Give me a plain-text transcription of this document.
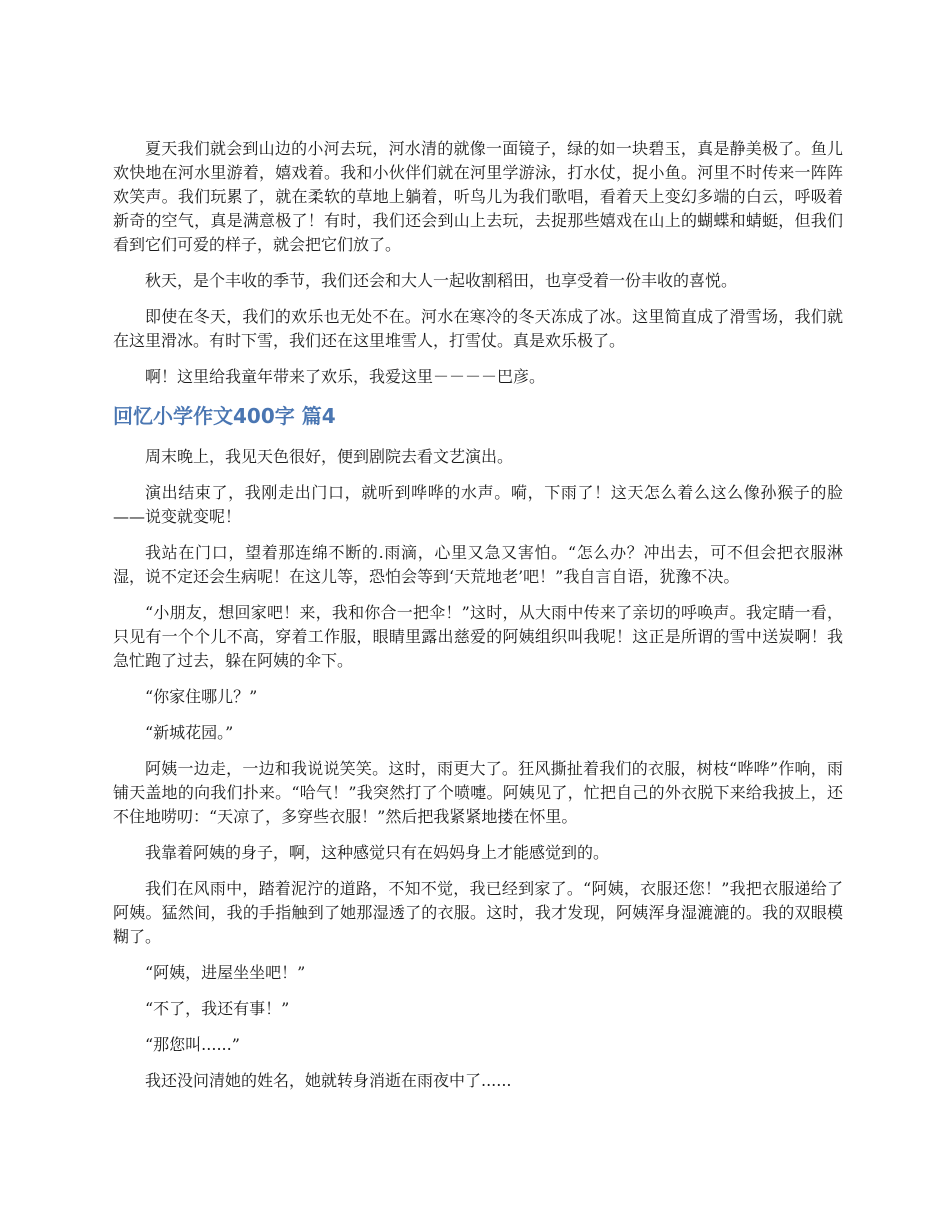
夏天我们就会到山边的小河去玩，河水清的就像一面镜子，绿的如一块碧玉，真是静美极了。鱼儿欢快地在河水里游着，嬉戏着。我和小伙伴们就在河里学游泳，打水仗，捉小鱼。河里不时传来一阵阵欢笑声。我们玩累了，就在柔软的草地上躺着，听鸟儿为我们歌唱，看着天上变幻多端的白云，呼吸着新奇的空气，真是满意极了！有时，我们还会到山上去玩，去捉那些嬉戏在山上的蝴蝶和蜻蜓，但我们看到它们可爱的样子，就会把它们放了。

秋天，是个丰收的季节，我们还会和大人一起收割稻田，也享受着一份丰收的喜悦。

即使在冬天，我们的欢乐也无处不在。河水在寒冷的冬天冻成了冰。这里简直成了滑雪场，我们就在这里滑冰。有时下雪，我们还在这里堆雪人，打雪仗。真是欢乐极了。

啊！这里给我童年带来了欢乐，我爱这里－－－－巴彦。

回忆小学作文400字 篇4

周末晚上，我见天色很好，便到剧院去看文艺演出。

演出结束了，我刚走出门口，就听到哗哗的水声。嗬，下雨了！这天怎么着么这么像孙猴子的脸——说变就变呢！

我站在门口，望着那连绵不断的.雨滴，心里又急又害怕。“怎么办？冲出去，可不但会把衣服淋湿，说不定还会生病呢！在这儿等，恐怕会等到‘天荒地老’吧！”我自言自语，犹豫不决。

“小朋友，想回家吧！来，我和你合一把伞！”这时，从大雨中传来了亲切的呼唤声。我定睛一看，只见有一个个儿不高，穿着工作服，眼睛里露出慈爱的阿姨组织叫我呢！这正是所谓的雪中送炭啊！我急忙跑了过去，躲在阿姨的伞下。

“你家住哪儿？”

“新城花园。”

阿姨一边走，一边和我说说笑笑。这时，雨更大了。狂风撕扯着我们的衣服，树枝“哗哗”作响，雨铺天盖地的向我们扑来。“哈气！”我突然打了个喷嚏。阿姨见了，忙把自己的外衣脱下来给我披上，还不住地唠叨：“天凉了，多穿些衣服！”然后把我紧紧地搂在怀里。

我靠着阿姨的身子，啊，这种感觉只有在妈妈身上才能感觉到的。

我们在风雨中，踏着泥泞的道路，不知不觉，我已经到家了。“阿姨，衣服还您！”我把衣服递给了阿姨。猛然间，我的手指触到了她那湿透了的衣服。这时，我才发现，阿姨浑身湿漉漉的。我的双眼模糊了。

“阿姨，进屋坐坐吧！”

“不了，我还有事！”

“那您叫......”

我还没问清她的姓名，她就转身消逝在雨夜中了......
